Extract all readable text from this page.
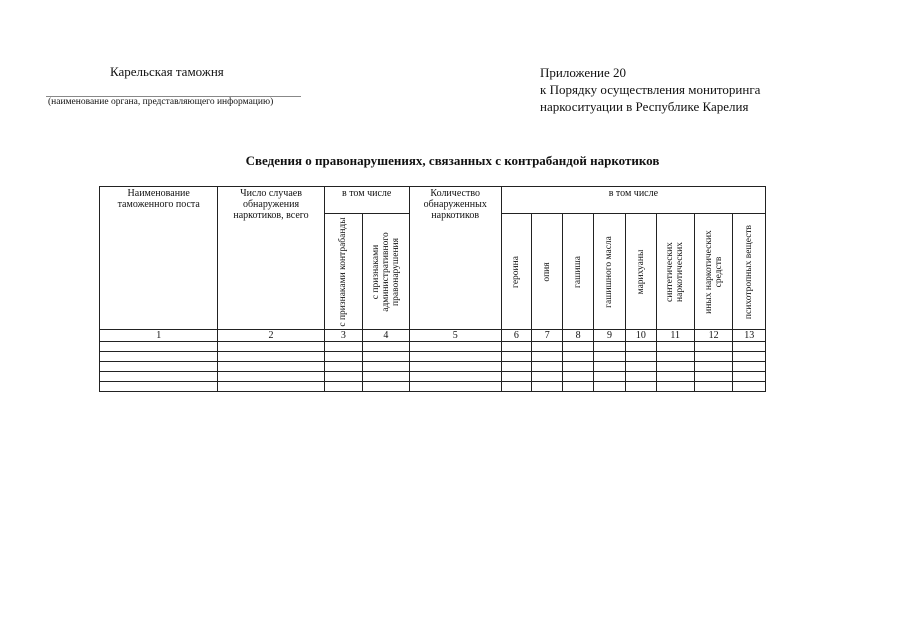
Карельская таможня
(наименование органа, представляющего информацию)
Приложение 20
к Порядку осуществления мониторинга
наркоситуации в Республике Карелия
Сведения о правонарушениях, связанных с контрабандой наркотиков
Наименование таможенного поста	Число случаев обнаружения наркотиков, всего	в том числе		Количество обнаруженных наркотиков	в том числе							

		с признаками контрабанды	с признаками административного правонарушения		героина	опия	гашиша	гашишного масла	марихуаны	синтетических наркотических	иных наркотических средств	психотропных веществ

1	2	3	4	5	6	7	8	9	10	11	12	13
